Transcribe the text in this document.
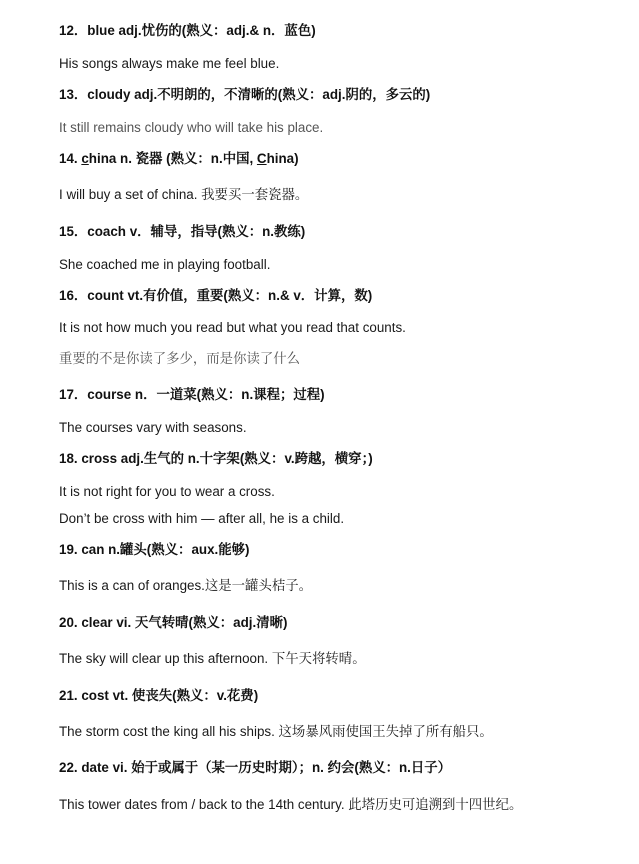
12．blue adj.忧伤的(熟义：adj.& n．蓝色)
His songs always make me feel blue.
13．cloudy adj.不明朗的，不清晰的(熟义：adj.阴的，多云的)
It still remains cloudy who will take his place.
14. china n. 瓷器 (熟义：n.中国, China)
I will buy a set of china. 我要买一套瓷器。
15．coach v．辅导，指导(熟义：n.教练)
She coached me in playing football.
16．count vt.有价值，重要(熟义：n.& v．计算，数)
It is not how much you read but what you read that counts.
重要的不是你读了多少，而是你读了什么
17．course n．一道菜(熟义：n.课程；过程)
The courses vary with seasons.
18. cross adj.生气的 n.十字架(熟义：v.跨越，横穿；)
It is not right for you to wear a cross.
Don’t be cross with him — after all, he is a child.
19. can n.罐头(熟义：aux.能够)
This is a can of oranges.这是一罐头桔子。
20. clear vi. 天气转晴(熟义：adj.清晰)
The sky will clear up this afternoon. 下午天将转晴。
21. cost vt. 使丧失(熟义：v.花费)
The storm cost the king all his ships. 这场暴风雨使国王失掉了所有船只。
22. date vi. 始于或属于（某一历史时期）；n. 约会(熟义：n.日子）
This tower dates from / back to the 14th century. 此塔历史可追溯到十四世纪。
